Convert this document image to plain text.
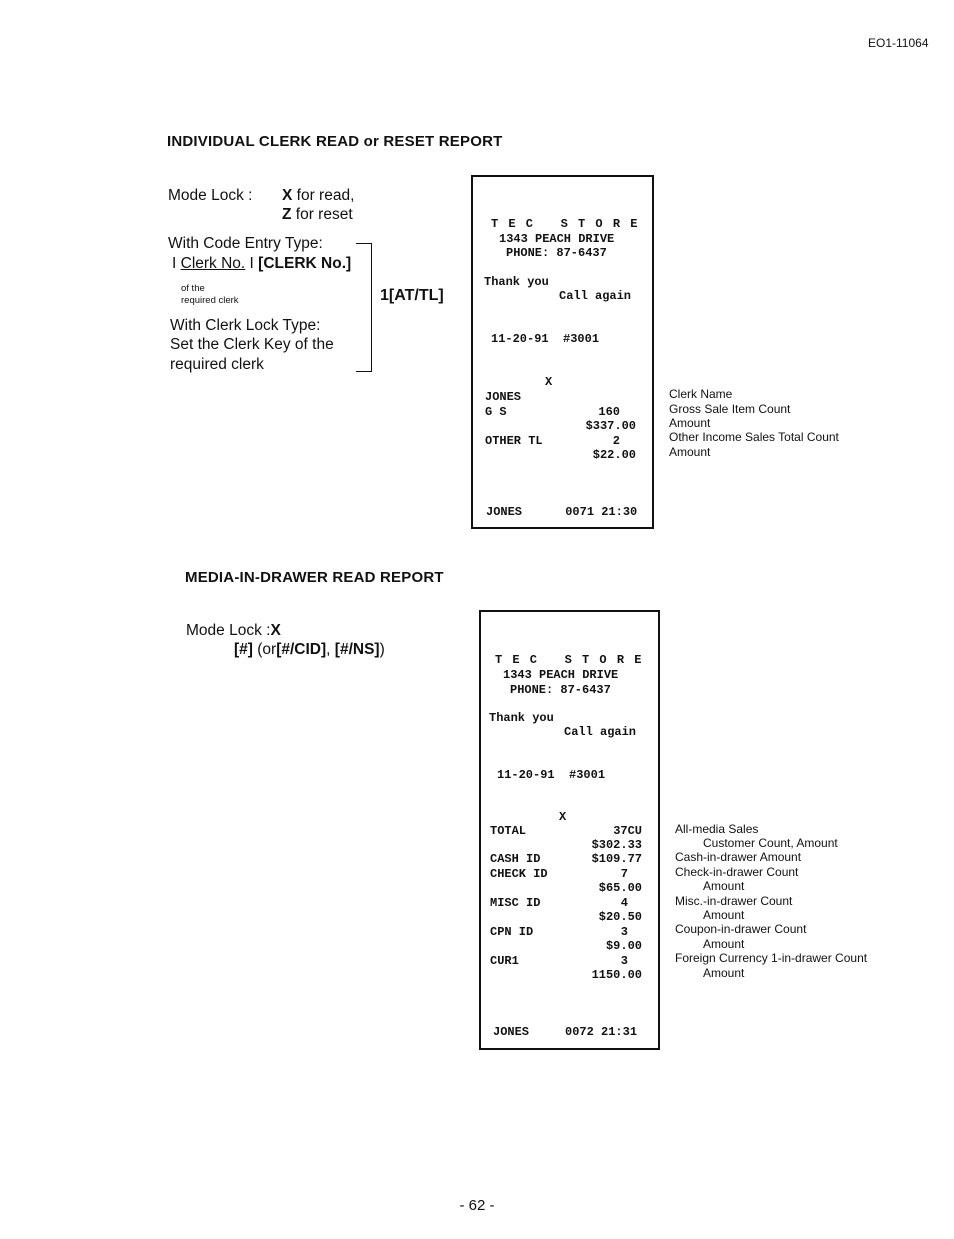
EO1-11064
INDIVIDUAL CLERK READ or RESET REPORT
Mode Lock : X for read,
Z for reset
With Code Entry Type:
I Clerk No. I [CLERK No.]
of the
required clerk
With Clerk Lock Type:
Set the Clerk Key of the
required clerk
1[AT/TL]
T E C   S T O R E
1343 PEACH DRIVE
PHONE: 87-6437
Thank you
Call again
11-20-91  #3001
X
JONES
G S	160
$337.00
OTHER TL	2
$22.00
JONES      0071 21:30
Clerk Name
Gross Sale Item Count
Amount
Other Income Sales Total Count
Amount
MEDIA-IN-DRAWER READ REPORT
Mode Lock :X
[#] (or[#/CID], [#/NS])
T E C   S T O R E
1343 PEACH DRIVE
PHONE: 87-6437
Thank you
Call again
11-20-91  #3001
X
TOTAL	37CU
$302.33
CASH ID	$109.77
CHECK ID	7
$65.00
MISC ID	4
$20.50
CPN ID	3
$9.00
CUR1	3
1150.00
JONES     0072 21:31
All-media Sales
Customer Count, Amount
Cash-in-drawer Amount
Check-in-drawer Count
Amount
Misc.-in-drawer Count
Amount
Coupon-in-drawer Count
Amount
Foreign Currency 1-in-drawer Count
Amount
- 62 -
